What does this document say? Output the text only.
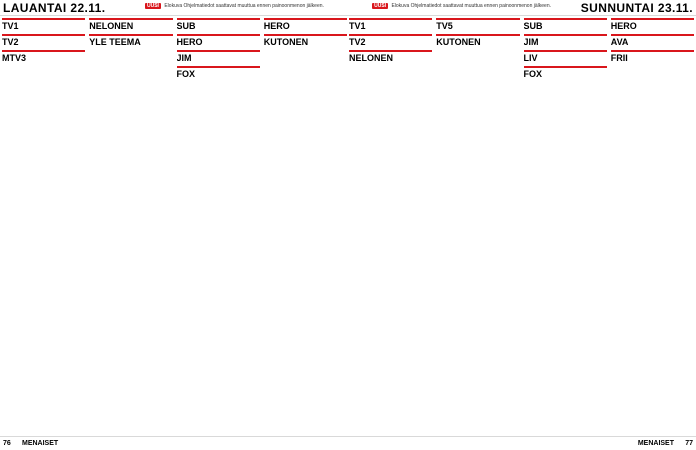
LAUANTAI 22.11.	UUSI Elokuva Ohjelmatiedot saattavat muuttua ennen painoonmenon jälkeen.	UUSI Elokuva Ohjelmatiedot saattavat muuttua ennen painoonmenon jälkeen. SUNNUNTAI 23.11.
TV1
TV2
MTV3
NELONEN
YLE TEEMA
SUB
HERO
JIM
FOX
HERO
KUTONEN
TV1
TV2
NELONEN
TV5
KUTONEN
SUB
JIM
LIV
FOX
HERO
AVA
FRII
76 MENAISET	MENAISET 77
